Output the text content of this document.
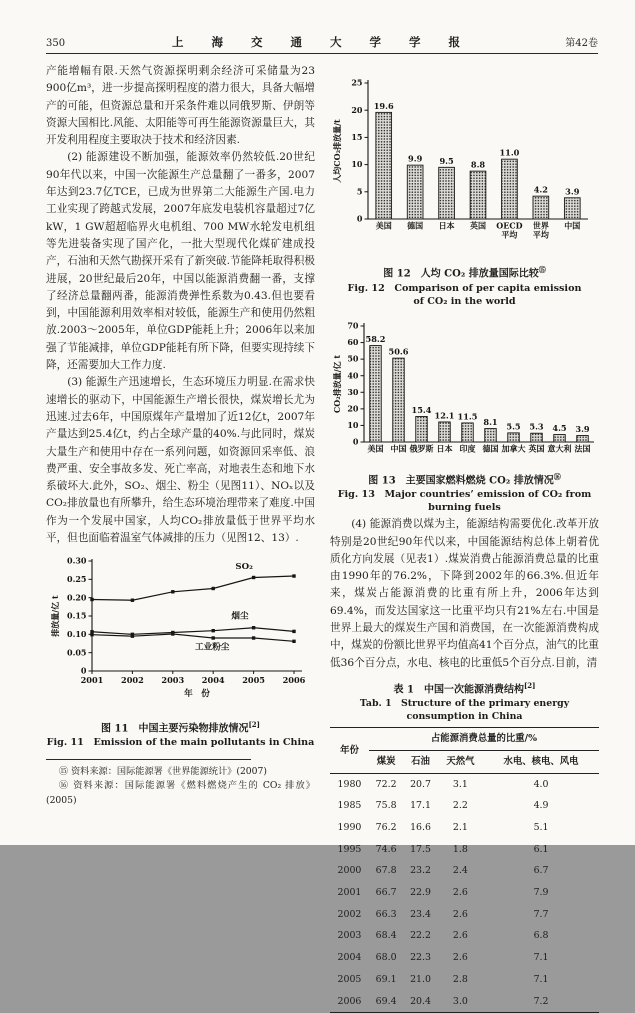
350	上 海 交 通 大 学 学 报	第42卷

产能增幅有限.天然气资源探明剩余经济可采储量为23 900亿m³，进一步提高探明程度的潜力很大，具备大幅增产的可能，但资源总量和开采条件难以同俄罗斯、伊朗等资源大国相比.风能、太阳能等可再生能源资源量巨大，其开发利用程度主要取决于技术和经济因素.

(2) 能源建设不断加强，能源效率仍然较低.20世纪90年代以来，中国一次能源生产总量翻了一番多，2007年达到23.7亿TCE，已成为世界第二大能源生产国.电力工业实现了跨越式发展，2007年底发电装机容量超过7亿kW，1 GW超超临界火电机组、700 MW水轮发电机组等先进装备实现了国产化，一批大型现代化煤矿建成投产，石油和天然气勘探开采有了新突破.节能降耗取得积极进展，20世纪最后20年，中国以能源消费翻一番，支撑了经济总量翻两番，能源消费弹性系数为0.43.但也要看到，中国能源利用效率相对较低，能源生产和使用仍然粗放.2003～2005年，单位GDP能耗上升；2006年以来加强了节能减排，单位GDP能耗有所下降，但要实现持续下降，还需要加大工作力度.

(3) 能源生产迅速增长，生态环境压力明显.在需求快速增长的驱动下，中国能源生产增长很快，煤炭增长尤为迅速.过去6年，中国原煤年产量增加了近12亿t，2007年产量达到25.4亿t，约占全球产量的40%.与此同时，煤炭大量生产和使用中存在一系列问题，如资源回采率低、浪费严重、安全事故多发、死亡率高，对地表生态和地下水系破坏大.此外，SO₂、烟尘、粉尘（见图11）、NOₓ以及CO₂排放量也有所攀升，给生态环境治理带来了难度.中国作为一个发展中国家，人均CO₂排放量低于世界平均水平，但也面临着温室气体减排的压力（见图12、13）.

0
0.05
0.10
0.15
0.20
0.25
0.30
2001 2002 2003 2004 2005 2006
年　份
排放量/亿 t
SO₂
烟尘
工业粉尘
图 11　中国主要污染物排放情况[2]
Fig. 11　Emission of the main pollutants in China
⑮ 资料来源：国际能源署《世界能源统计》(2007)
⑯ 资料来源：国际能源署《燃料燃烧产生的 CO₂ 排放》(2005)
0
5
10
15
20
25
19.6
美国
9.9
德国
9.5
日本
8.8
英国
11.0
OECD
平均
4.2
世界
平均
3.9
中国
人均CO₂排放量/t
图 12　人均 CO₂ 排放量国际比较⑮
Fig. 12　Comparison of per capita emission
of CO₂ in the world
0
10
20
30
40
50
60
70
58.2
美国
50.6
中国
15.4
俄罗斯
12.1
日本
11.5
印度
8.1
德国
5.5
加拿大
5.3
英国
4.5
意大利
3.9
法国
CO₂排放量/亿 t
图 13　主要国家燃料燃烧 CO₂ 排放情况⑯
Fig. 13　Major countries’ emission of CO₂ from burning fuels

(4) 能源消费以煤为主，能源结构需要优化.改革开放特别是20世纪90年代以来，中国能源结构总体上朝着优质化方向发展（见表1）.煤炭消费占能源消费总量的比重由1990年的76.2%，下降到2002年的66.3%.但近年来，煤炭占能源消费的比重有所上升，2006年达到69.4%，而发达国家这一比重平均只有21%左右.中国是世界上最大的煤炭生产国和消费国，在一次能源消费构成中，煤炭的份额比世界平均值高41个百分点，油气的比重低36个百分点，水电、核电的比重低5个百分点.目前，清

表 1　中国一次能源消费结构[2]
Tab. 1　Structure of the primary energy consumption in China
年份	占能源消费总量的比重/%			
	煤炭	石油	天然气	水电、核电、风电
1980	72.2	20.7	3.1	4.0
1985	75.8	17.1	2.2	4.9
1990	76.2	16.6	2.1	5.1
1995	74.6	17.5	1.8	6.1
2000	67.8	23.2	2.4	6.7
2001	66.7	22.9	2.6	7.9
2002	66.3	23.4	2.6	7.7
2003	68.4	22.2	2.6	6.8
2004	68.0	22.3	2.6	7.1
2005	69.1	21.0	2.8	7.1
2006	69.4	20.4	3.0	7.2
